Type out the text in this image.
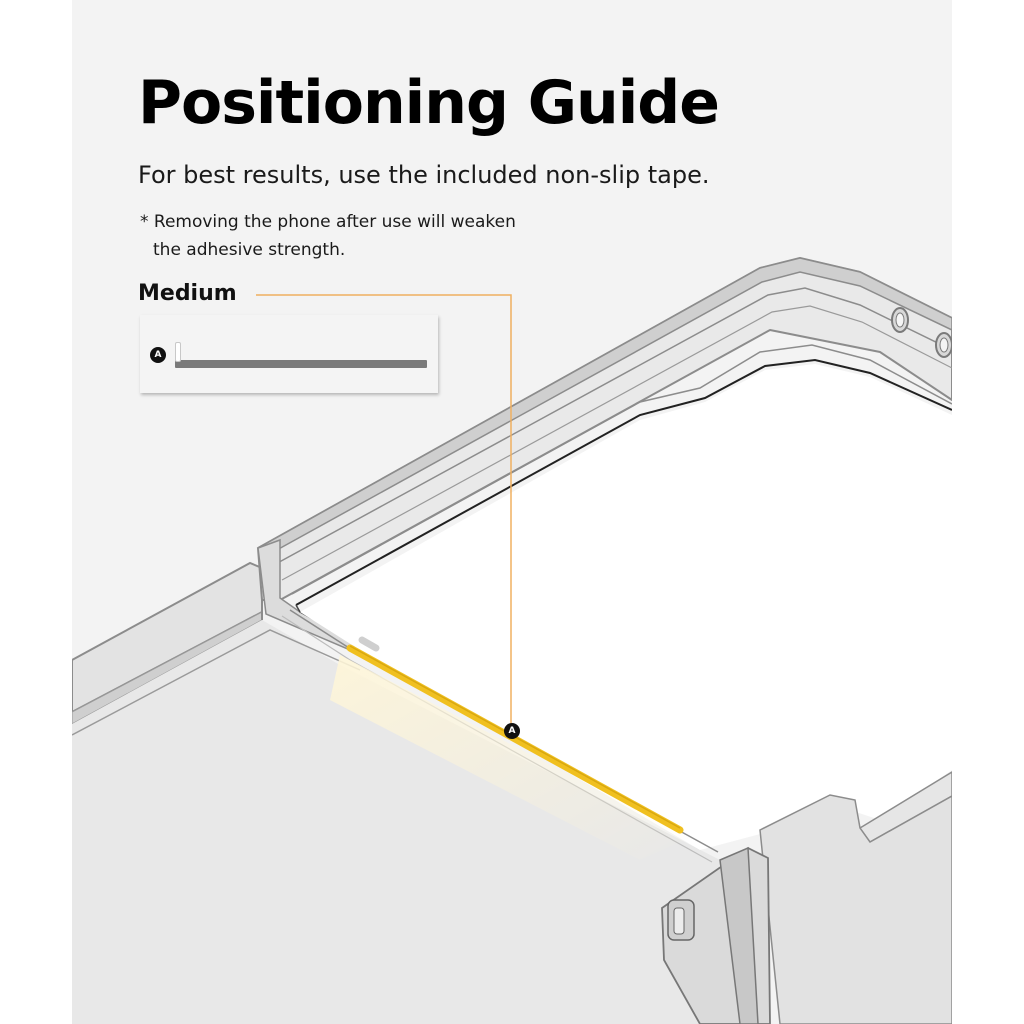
Positioning Guide
For best results, use the included non-slip tape.
* Removing the phone after use will weaken
the adhesive strength.
Medium
A
A
